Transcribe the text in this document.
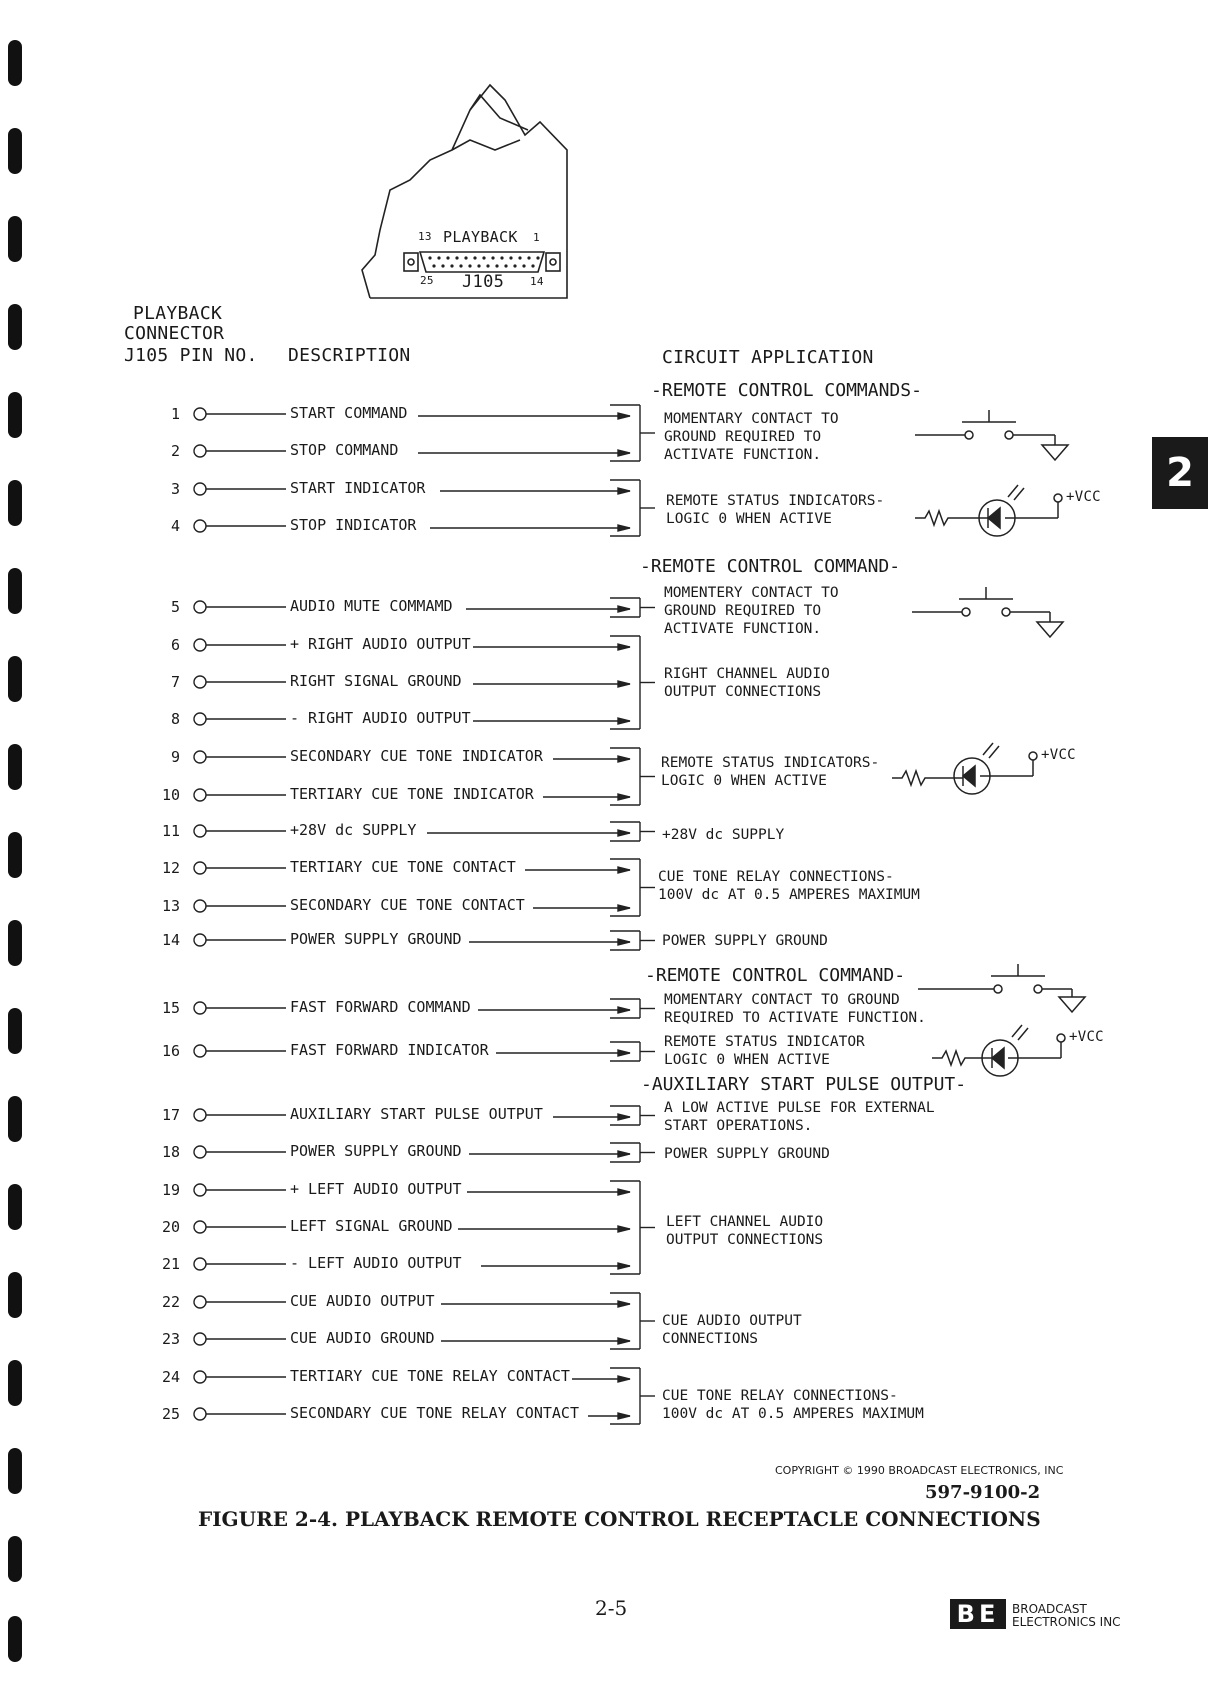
2
13 PLAYBACK 1
25 J105 14
PLAYBACK
CONNECTOR
J105 PIN NO. DESCRIPTION	CIRCUIT APPLICATION
-REMOTE CONTROL COMMANDS-
-REMOTE CONTROL COMMAND-
-REMOTE CONTROL COMMAND-
-AUXILIARY START PULSE OUTPUT-
1	START COMMAND
2	STOP COMMAND
3	START INDICATOR
4	STOP INDICATOR
5	AUDIO MUTE COMMAMD
6	+ RIGHT AUDIO OUTPUT
7	RIGHT SIGNAL GROUND
8	- RIGHT AUDIO OUTPUT
9	SECONDARY CUE TONE INDICATOR
10	TERTIARY CUE TONE INDICATOR
11	+28V dc SUPPLY
12	TERTIARY CUE TONE CONTACT
13	SECONDARY CUE TONE CONTACT
14	POWER SUPPLY GROUND
15	FAST FORWARD COMMAND
16	FAST FORWARD INDICATOR
17	AUXILIARY START PULSE OUTPUT
18	POWER SUPPLY GROUND
19	+ LEFT AUDIO OUTPUT
20	LEFT SIGNAL GROUND
21	- LEFT AUDIO OUTPUT
22	CUE AUDIO OUTPUT
23	CUE AUDIO GROUND
24	TERTIARY CUE TONE RELAY CONTACT
25	SECONDARY CUE TONE RELAY CONTACT
MOMENTARY CONTACT TO
GROUND REQUIRED TO
ACTIVATE FUNCTION.
REMOTE STATUS INDICATORS-
LOGIC 0 WHEN ACTIVE
MOMENTERY CONTACT TO
GROUND REQUIRED TO
ACTIVATE FUNCTION.
RIGHT CHANNEL AUDIO
OUTPUT CONNECTIONS
REMOTE STATUS INDICATORS-
LOGIC 0 WHEN ACTIVE
+28V dc SUPPLY
CUE TONE RELAY CONNECTIONS-
100V dc AT 0.5 AMPERES MAXIMUM
POWER SUPPLY GROUND
MOMENTARY CONTACT TO GROUND
REQUIRED TO ACTIVATE FUNCTION.
REMOTE STATUS INDICATOR
LOGIC 0 WHEN ACTIVE
A LOW ACTIVE PULSE FOR EXTERNAL
START OPERATIONS.
POWER SUPPLY GROUND
LEFT CHANNEL AUDIO
OUTPUT CONNECTIONS
CUE AUDIO OUTPUT
CONNECTIONS
CUE TONE RELAY CONNECTIONS-
100V dc AT 0.5 AMPERES MAXIMUM
+VCC
+VCC
+VCC
COPYRIGHT © 1990 BROADCAST ELECTRONICS, INC
597-9100-2
FIGURE 2-4. PLAYBACK REMOTE CONTROL RECEPTACLE CONNECTIONS
2-5	BE	BROADCAST
ELECTRONICS INC
